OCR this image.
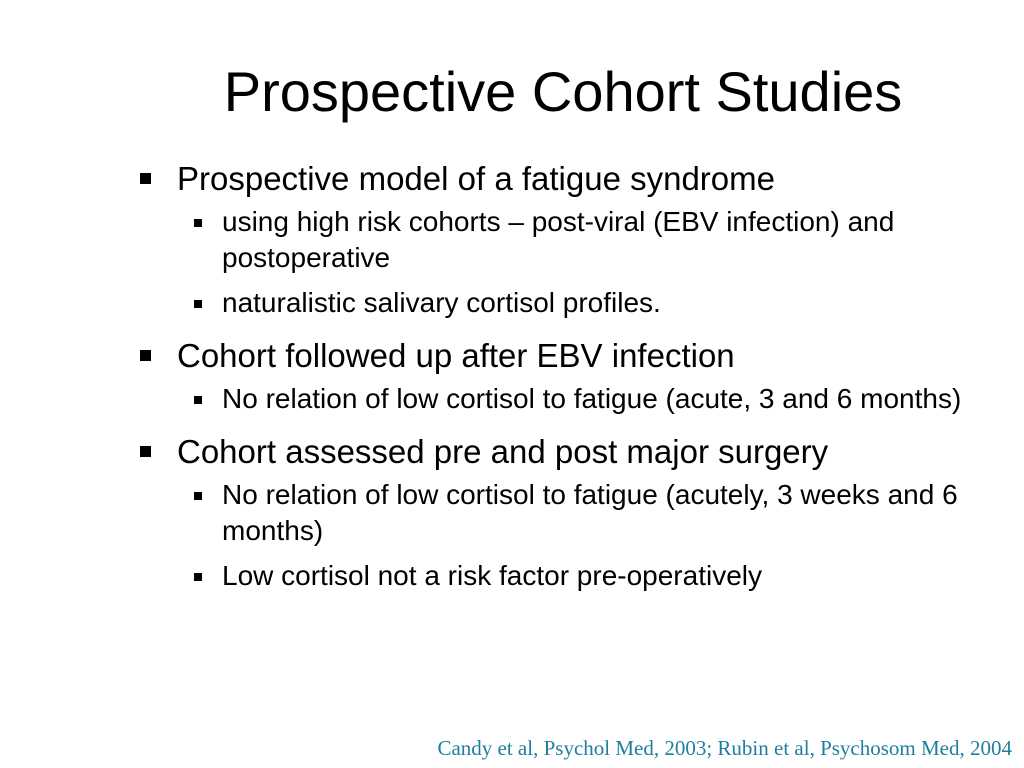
Prospective Cohort Studies
Prospective model of a fatigue syndrome
using high risk cohorts – post-viral (EBV infection) and postoperative
naturalistic salivary cortisol profiles.
Cohort followed up after EBV infection
No relation of low cortisol to fatigue (acute, 3 and 6 months)
Cohort assessed pre and post major surgery
No relation of low cortisol to fatigue (acutely, 3 weeks and 6 months)
Low cortisol not a risk factor pre-operatively

Candy et al, Psychol Med, 2003; Rubin et al, Psychosom Med, 2004
